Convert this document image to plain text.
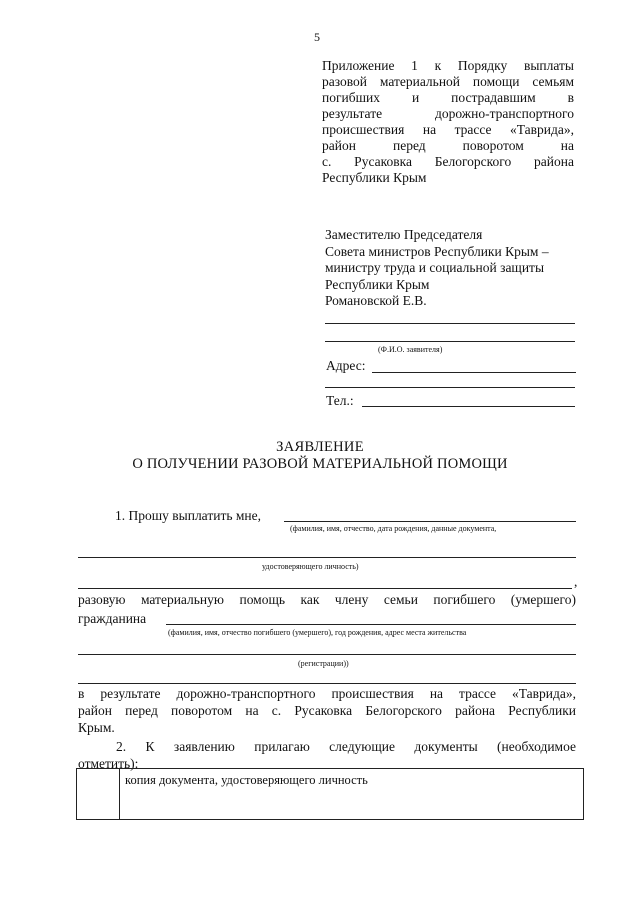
5
Приложение 1 к Порядку выплаты
разовой материальной помощи семьям
погибших и пострадавшим в
результате дорожно-транспортного
происшествия на трассе «Таврида»,
район перед поворотом на
с. Русаковка Белогорского района
Республики Крым
Заместителю Председателя
Совета министров Республики Крым –
министру труда и социальной защиты
Республики Крым
Романовской Е.В.
(Ф.И.О. заявителя)
Адрес:
Тел.:
ЗАЯВЛЕНИЕ
О ПОЛУЧЕНИИ РАЗОВОЙ МАТЕРИАЛЬНОЙ ПОМОЩИ
1. Прошу выплатить мне,
(фамилия, имя, отчество, дата рождения, данные документа,
удостоверяющего личность)
,
разовую материальную помощь как члену семьи погибшего (умершего)
гражданина
(фамилия, имя, отчество погибшего (умершего), год рождения, адрес места жительства
(регистрации))
в результате дорожно-транспортного происшествия на трассе «Таврида»,
район перед поворотом на с. Русаковка Белогорского района Республики
Крым.
2. К заявлению прилагаю следующие документы (необходимое
отметить):
	копия документа, удостоверяющего личность
